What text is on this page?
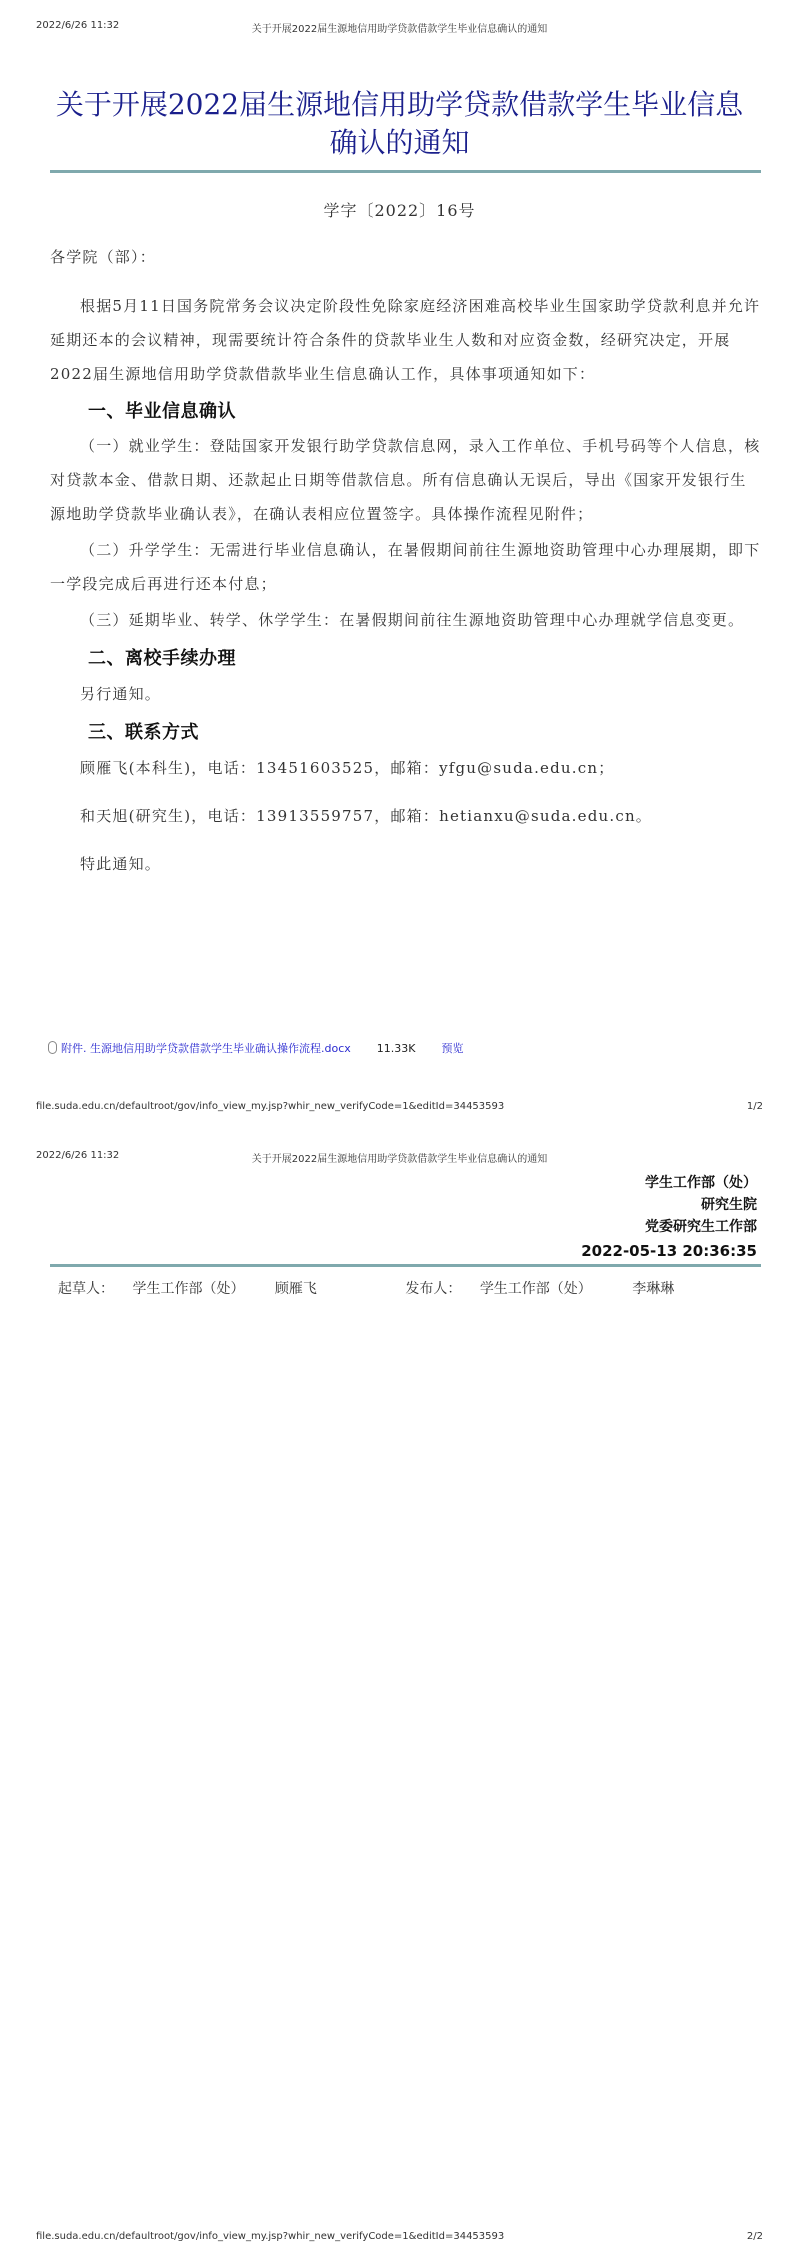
2022/6/26 11:32	关于开展2022届生源地信用助学贷款借款学生毕业信息确认的通知
关于开展2022届生源地信用助学贷款借款学生毕业信息确认的通知
学字〔2022〕16号

各学院（部）：

根据5月11日国务院常务会议决定阶段性免除家庭经济困难高校毕业生国家助学贷款利息并允许延期还本的会议精神，现需要统计符合条件的贷款毕业生人数和对应资金数，经研究决定，开展2022届生源地信用助学贷款借款毕业生信息确认工作，具体事项通知如下：

一、毕业信息确认

（一）就业学生：登陆国家开发银行助学贷款信息网，录入工作单位、手机号码等个人信息，核对贷款本金、借款日期、还款起止日期等借款信息。所有信息确认无误后，导出《国家开发银行生源地助学贷款毕业确认表》，在确认表相应位置签字。具体操作流程见附件；

（二）升学学生：无需进行毕业信息确认，在暑假期间前往生源地资助管理中心办理展期，即下一学段完成后再进行还本付息；

（三）延期毕业、转学、休学学生：在暑假期间前往生源地资助管理中心办理就学信息变更。

二、离校手续办理

另行通知。

三、联系方式

顾雁飞(本科生)，电话：13451603525，邮箱：yfgu@suda.edu.cn；

和天旭(研究生)，电话：13913559757，邮箱：hetianxu@suda.edu.cn。

特此通知。

附件. 生源地信用助学贷款借款学生毕业确认操作流程.docx 11.33K 预览
file.suda.edu.cn/defaultroot/gov/info_view_my.jsp?whir_new_verifyCode=1&editId=34453593	1/2
2022/6/26 11:32	关于开展2022届生源地信用助学贷款借款学生毕业信息确认的通知
学生工作部（处）
研究生院
党委研究生工作部
2022-05-13 20:36:35
起草人： 学生工作部（处） 顾雁飞	发布人： 学生工作部（处）	李琳琳
file.suda.edu.cn/defaultroot/gov/info_view_my.jsp?whir_new_verifyCode=1&editId=34453593	2/2
